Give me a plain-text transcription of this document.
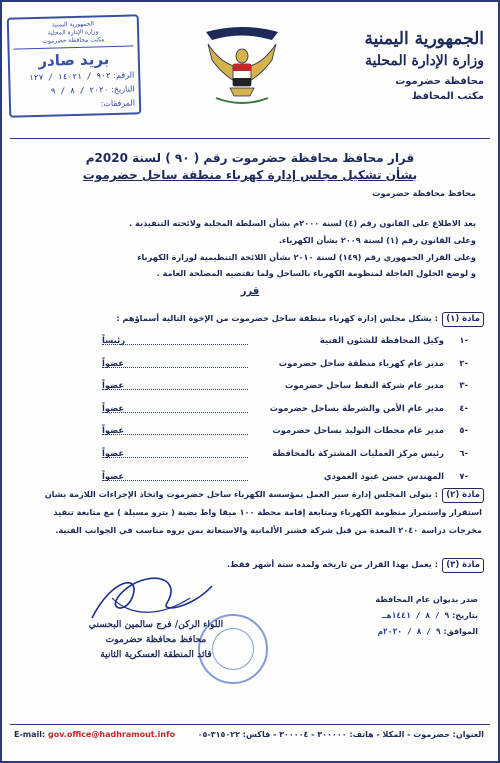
الجمهورية اليمنية
وزارة الإدارة المحلية
محافظة حضرموت
مكتب المحافظ
الجمهورية اليمنية
وزارة الإدارة المحلية
مكتب محافظة حضرموت
بريد صادر
الرقم: ٩٠٢ / ١٤٠٢١ / ١٢٧
التاريخ: ٢٠٢٠ / ٨ / ٩
المرفقات:
قرار محافظ محافظة حضرموت رقم ( ٩٠ ) لسنة 2020م
بشأن تشكيل مجلس إدارة كهرباء منطقة ساحل حضرموت
محافظ محافظة حضرموت
بعد الاطلاع على القانون رقم (٤) لسنة ٢٠٠٠م بشأن السلطة المحلية ولائحته التنفيذية .
وعلى القانون رقم (١) لسنة ٢٠٠٩ بشأن الكهرباء.
وعلى القرار الجمهوري رقم (١٤٩) لسنة ٢٠١٠ بشأن اللائحة التنظيمية لوزارة الكهرباء
و لوضع الحلول العاجلة لمنظومة الكهرباء بالساحل ولما تقتضيه المصلحة العامة .
قرر
مادة (١)
: يشكل مجلس إدارة كهرباء منطقة ساحل حضرموت من الإخوة التالية أسماؤهم :
-١
وكيل المحافظة للشئون الفنية
رئيساً
-٢
مدير عام كهرباء منطقة ساحل حضرموت
عضواً
-٣
مدير عام شركة النفط ساحل حضرموت
عضواً
-٤
مدير عام الأمن والشرطة بساحل حضرموت
عضواً
-٥
مدير عام محطات التوليد بساحل حضرموت
عضواً
-٦
رئيس مركز العمليات المشتركة بالمحافظة
عضواً
-٧
المهندس حسن عبود العمودي
عضواً
مادة (٢)
: يتولى المجلس إدارة سير العمل بمؤسسة الكهرباء ساحل حضرموت واتخاذ الإجراءات اللازمة بشان
استقرار واستمرار منظومة الكهرباء ومتابعة إقامة محطة ١٠٠ ميقا واط بضبة ( بترو مسيلة ) مع متابعة تنفيذ
مخرجات دراسة ٢٠٤٠ المعدة من قبل شركة فشنر الألمانية والاستعانة بمن يروه مناسب في الجوانب الفنية.
مادة (٣)
: يعمل بهذا القرار من تاريخه ولمده ستة أشهر فقط.
صدر بديوان عام المحافظة
بتاريخ: ٩ / ٨ / ١٤٤١هـ
الموافق: ٩ / ٨ / ٢٠٢٠م
اللواء الركن/ فرج سالمين البحسني
محافظ محافظة حضرموت
قائد المنطقة العسكرية الثانية
العنوان: حضرموت - المكلا - هاتف: ٣٠٠٠٠٠ - ٣٠٠٠٠٤ - فاكس: ٣١٥٠٢٢-٠٥
E-mail: gov.office@hadhramout.info
